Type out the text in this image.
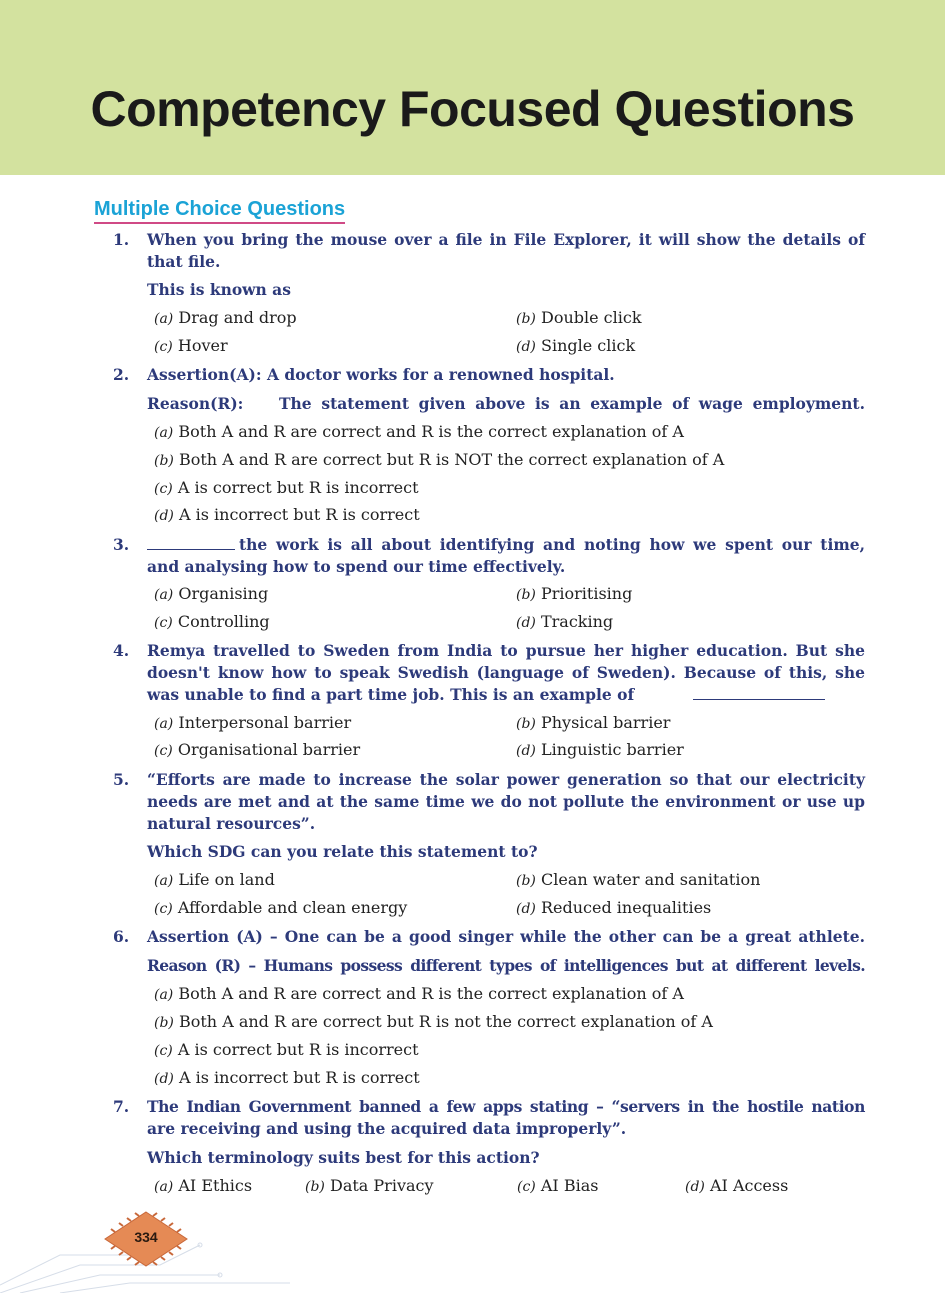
Competency Focused Questions
Multiple Choice Questions
1.	When you bring the mouse over a file in File Explorer, it will show the details of
that file.
This is known as
(a) Drag and drop	(b) Double click
(c) Hover	(d) Single click
2.	Assertion(A): A doctor works for a renowned hospital.
Reason(R):	The statement given above is an example of wage employment.
(a) Both A and R are correct and R is the correct explanation of A
(b) Both A and R are correct but R is NOT the correct explanation of A
(c) A is correct but R is incorrect
(d) A is incorrect but R is correct
3.	the work is all about identifying and noting how we spent our time,
and analysing how to spend our time effectively.
(a) Organising	(b) Prioritising
(c) Controlling	(d) Tracking
4.	Remya travelled to Sweden from India to pursue her higher education. But she
doesn't know how to speak Swedish (language of Sweden). Because of this, she
was unable to find a part time job. This is an example of
(a) Interpersonal barrier	(b) Physical barrier
(c) Organisational barrier	(d) Linguistic barrier
5.	“Efforts are made to increase the solar power generation so that our electricity
needs are met and at the same time we do not pollute the environment or use up
natural resources”.
Which SDG can you relate this statement to?
(a) Life on land	(b) Clean water and sanitation
(c) Affordable and clean energy	(d) Reduced inequalities
6.	Assertion (A) – One can be a good singer while the other can be a great athlete.
Reason (R) – Humans possess different types of intelligences but at different levels.
(a) Both A and R are correct and R is the correct explanation of A
(b) Both A and R are correct but R is not the correct explanation of A
(c) A is correct but R is incorrect
(d) A is incorrect but R is correct
7.	The Indian Government banned a few apps stating – “servers in the hostile nation
are receiving and using the acquired data improperly”.
Which terminology suits best for this action?
(a) AI Ethics	(b) Data Privacy	(c) AI Bias	(d) AI Access
334
